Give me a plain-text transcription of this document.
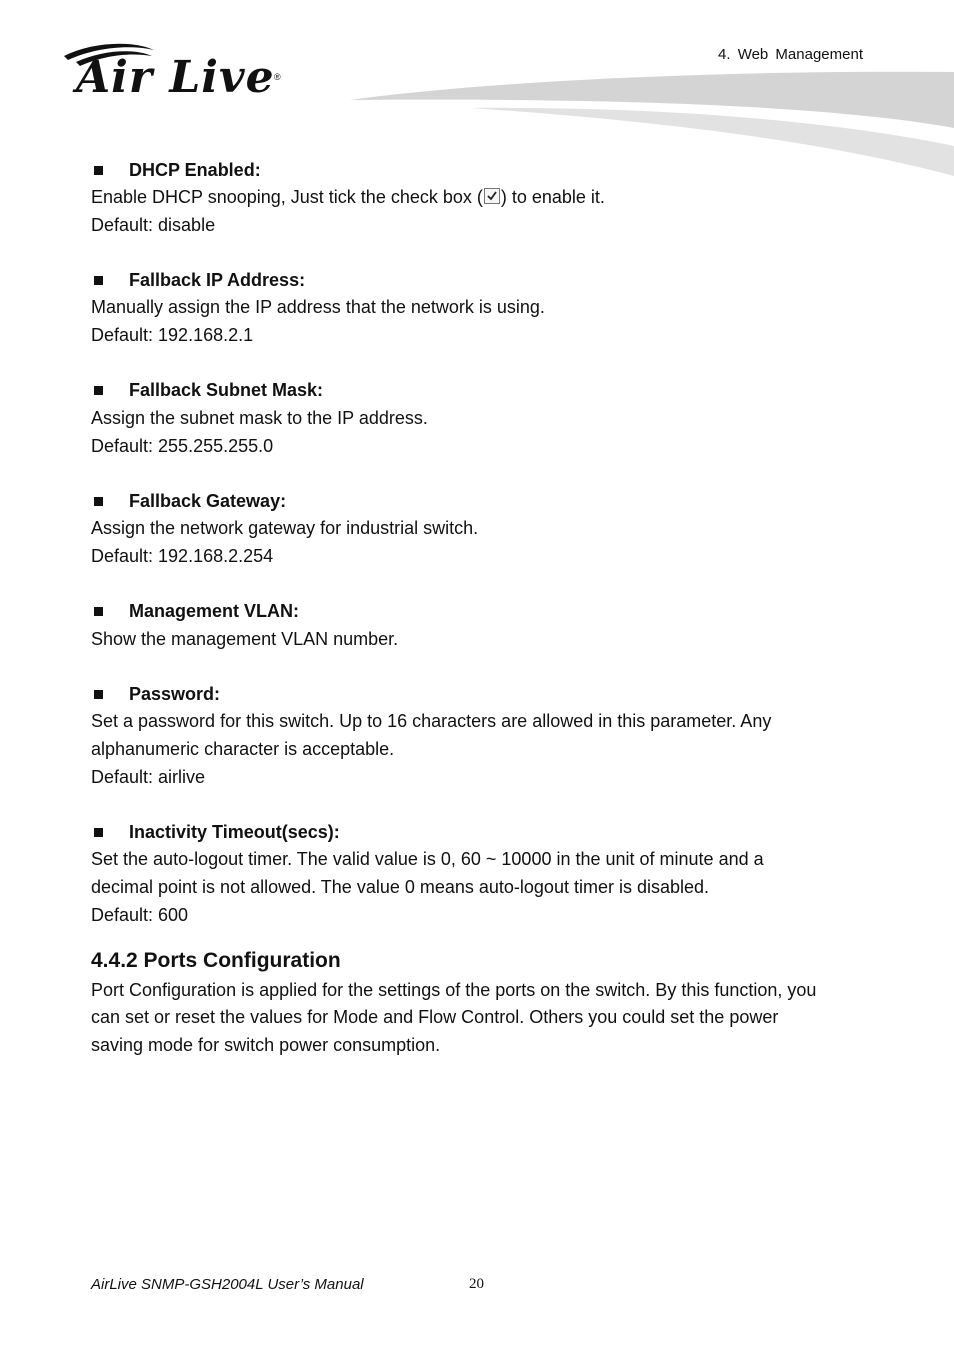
Air Live ®
4. Web Management
DHCP Enabled:
Enable DHCP snooping, Just tick the check box ( ) to enable it.
Default: disable
Fallback IP Address:
Manually assign the IP address that the network is using.
Default: 192.168.2.1
Fallback Subnet Mask:
Assign the subnet mask to the IP address.
Default: 255.255.255.0
Fallback Gateway:
Assign the network gateway for industrial switch.
Default: 192.168.2.254
Management VLAN:
Show the management VLAN number.
Password:
Set a password for this switch. Up to 16 characters are allowed in this parameter. Any
alphanumeric character is acceptable.
Default: airlive
Inactivity Timeout(secs):
Set the auto-logout timer. The valid value is 0, 60 ~ 10000 in the unit of minute and a
decimal point is not allowed. The value 0 means auto-logout timer is disabled.
Default: 600
4.4.2 Ports Configuration
Port Configuration is applied for the settings of the ports on the switch. By this function, you
can set or reset the values for Mode and Flow Control. Others you could set the power
saving mode for switch power consumption.
AirLive SNMP-GSH2004L User’s Manual	20
